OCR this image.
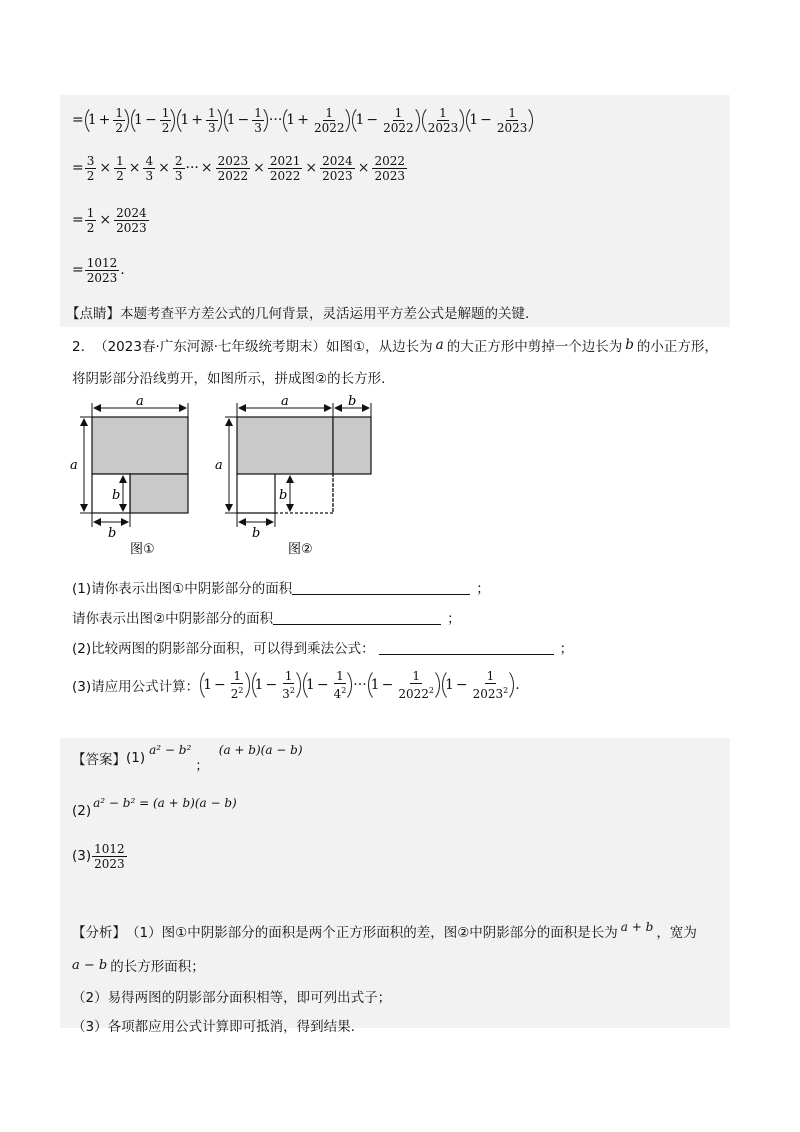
= $1 + \frac{1}{2} 1 - \frac{1}{2} 1 + \frac{1}{3} 1 - \frac{1}{3}$ ··· $1 + \frac{1}{2022} 1 - \frac{1}{2022} \frac{1}{2023} 1 - \frac{1}{2023}$
= $\frac{3}{2} \times \frac{1}{2} \times \frac{4}{3} \times \frac{2}{3}$ ··· × $\frac{2023}{2022} \times \frac{2021}{2022} \times \frac{2024}{2023} \times \frac{2022}{2023}$
= $\frac{1}{2} \times \frac{2024}{2023}$
= $\frac{1012}{2023}$ .
【点睛】本题考查平方差公式的几何背景，灵活运用平方差公式是解题的关键.
2． （2023春·广东河源·七年级统考期末） 如图①，从边长为 a 的大正方形中剪掉一个边长为 b 的小正方形，
将阴影部分沿线剪开，如图所示，拼成图②的长方形.
a
a
b
b
图①
a	b
a
b
b
图②
(1)请你表示出图①中阴影部分的面积	；
请你表示出图②中阴影部分的面积	；
(2)比较两图的阴影部分面积，可以得到乘法公式：	；
(3)请应用公式计算： $1 - \frac{1}{2^2} 1 - \frac{1}{3^2} 1 - \frac{1}{4^2}$ ··· $1 - \frac{1}{2022^2} 1 - \frac{1}{2023^2}$ .
【答案】 (1) a² − b²
；
(a + b)(a − b)
(2) a² − b² = (a + b)(a − b)
$(3) \frac{1012}{2023}$
【分析】 （1）图①中阴影部分的面积是两个正方形面积的差，图②中阴影部分的面积是长为 a + b ，宽为
a − b 的长方形面积；
（2）易得两图的阴影部分面积相等，即可列出式子；
（3）各项都应用公式计算即可抵消，得到结果.
